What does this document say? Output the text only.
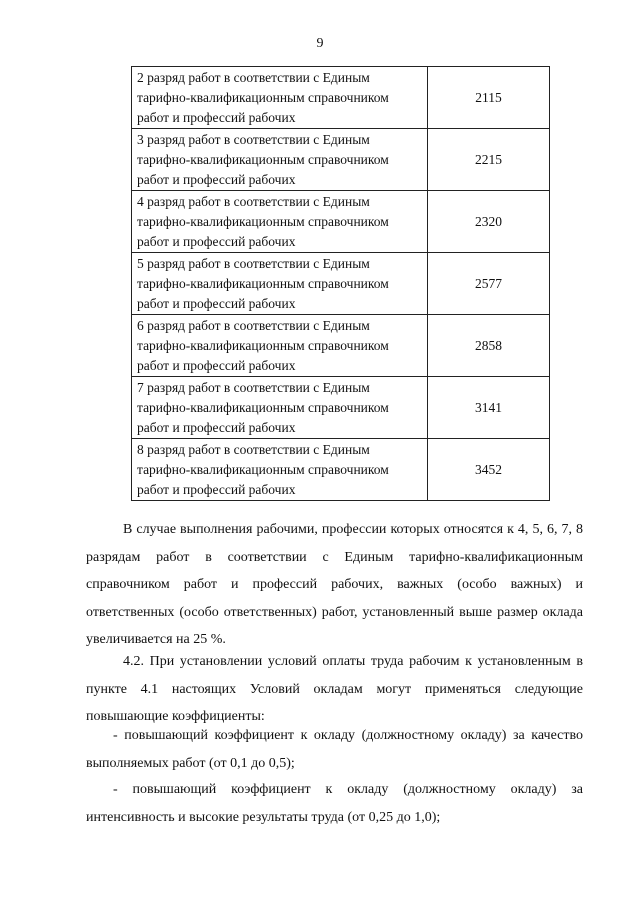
9
2 разряд работ в соответствии с Единым
тарифно-квалификационным справочником
работ и профессий рабочих	2115

3 разряд работ в соответствии с Единым
тарифно-квалификационным справочником
работ и профессий рабочих	2215

4 разряд работ в соответствии с Единым
тарифно-квалификационным справочником
работ и профессий рабочих	2320

5 разряд работ в соответствии с Единым
тарифно-квалификационным справочником
работ и профессий рабочих	2577

6 разряд работ в соответствии с Единым
тарифно-квалификационным справочником
работ и профессий рабочих	2858

7 разряд работ в соответствии с Единым
тарифно-квалификационным справочником
работ и профессий рабочих	3141

8 разряд работ в соответствии с Единым
тарифно-квалификационным справочником
работ и профессий рабочих	3452

В случае выполнения рабочими, профессии которых относятся к 4, 5, 6, 7, 8 разрядам работ в соответствии с Единым тарифно-квалификационным справочником работ и профессий рабочих, важных (особо важных) и ответственных (особо ответственных) работ, установленный выше размер оклада увеличивается на 25 %.

4.2. При установлении условий оплаты труда рабочим к установленным в пункте 4.1 настоящих Условий окладам могут применяться следующие повышающие коэффициенты:

- повышающий коэффициент к окладу (должностному окладу) за качество выполняемых работ (от 0,1 до 0,5);

- повышающий коэффициент к окладу (должностному окладу) за интенсивность и высокие результаты труда (от 0,25 до 1,0);
